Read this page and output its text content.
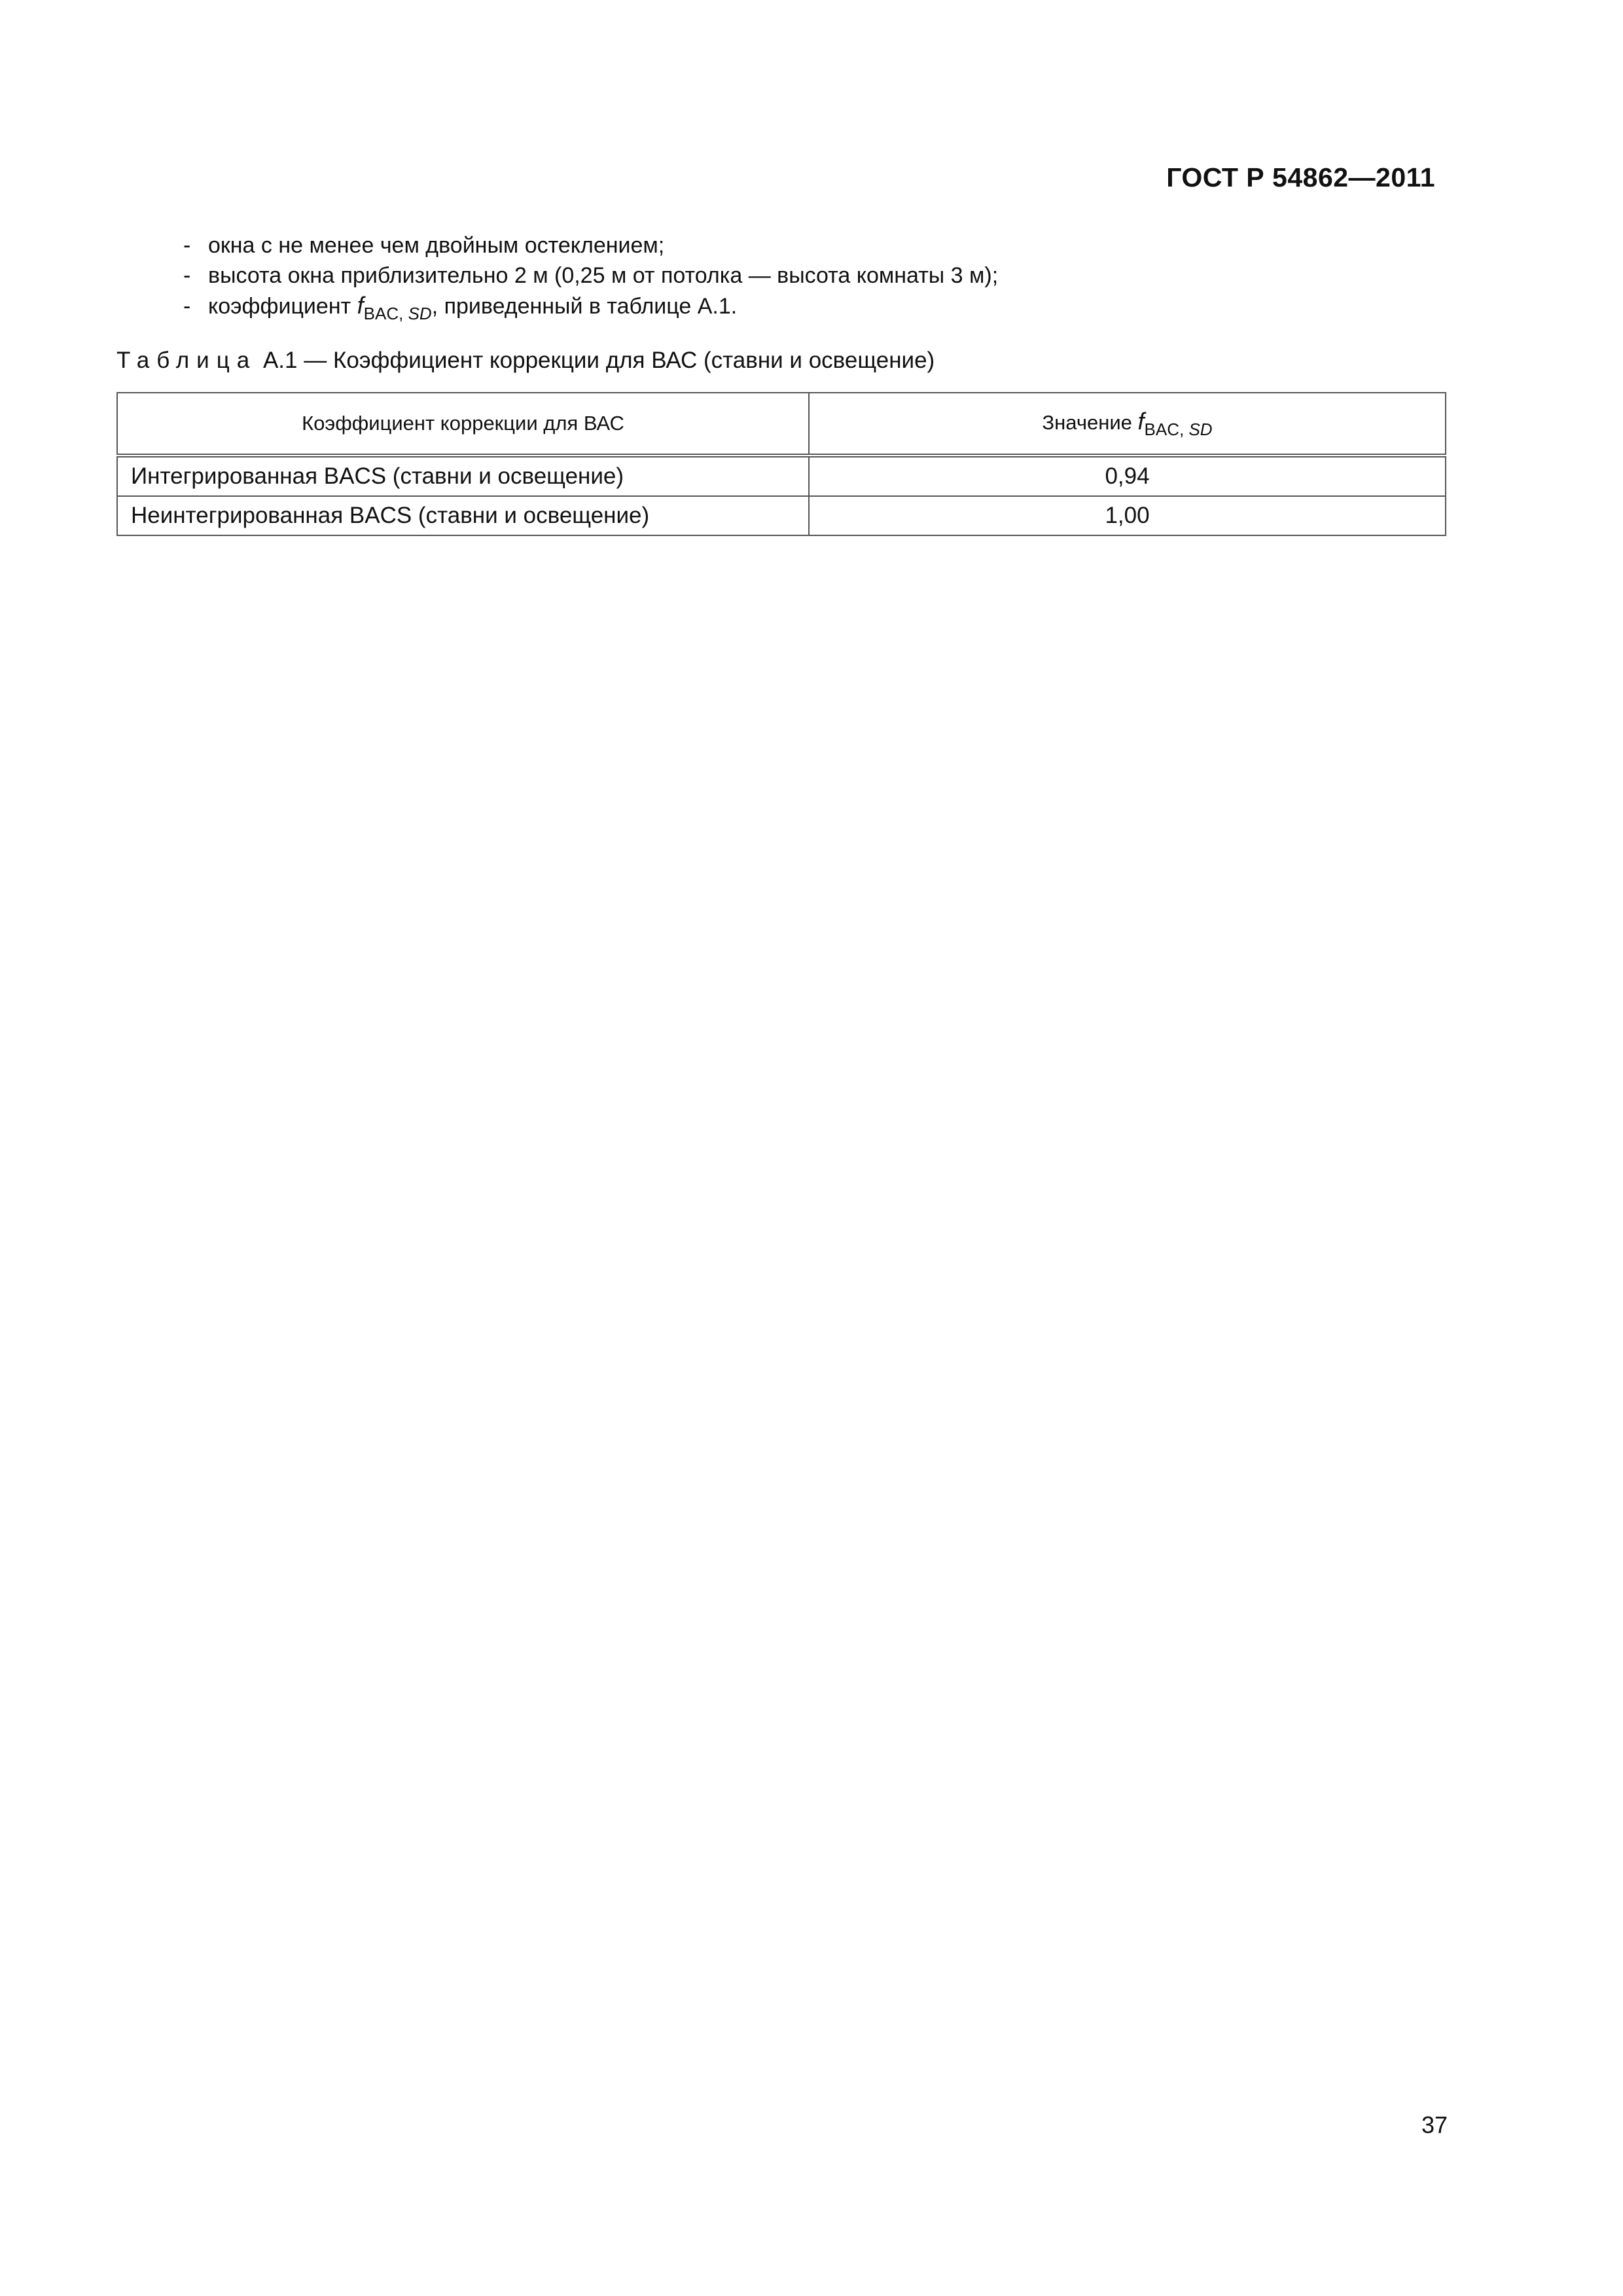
ГОСТ Р 54862—2011
- окна с не менее чем двойным остеклением;
- высота окна приблизительно 2 м (0,25 м от потолка — высота комнаты 3 м);
- коэффициент $f_{BAC, SD}$, приведенный в таблице А.1.
Таблица А.1 — Коэффициент коррекции для ВАС (ставни и освещение)
Коэффициент коррекции для ВАС	Значение $f_{BAC, SD}$
Интегрированная BACS (ставни и освещение)	0,94
Неинтегрированная BACS (ставни и освещение)	1,00
37
